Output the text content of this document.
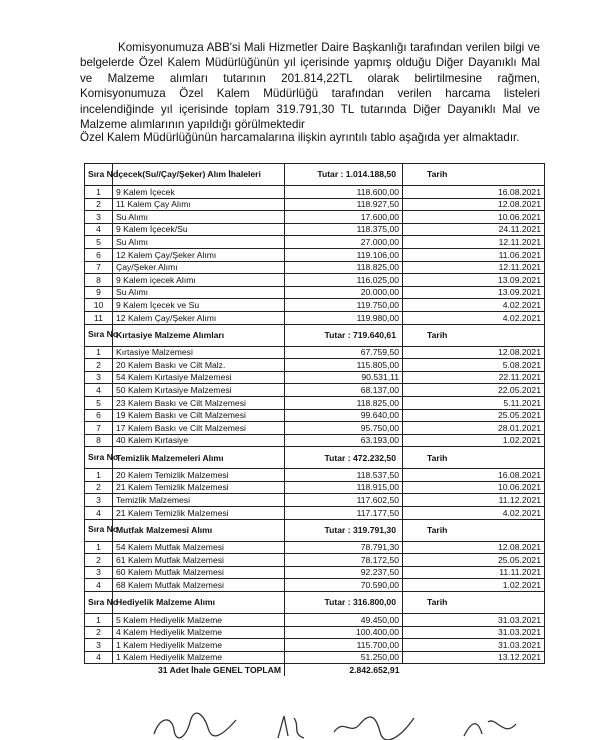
Komisyonumuza ABB'si Mali Hizmetler Daire Başkanlığı tarafından verilen bilgi ve belgelerde Özel Kalem Müdürlüğünün yıl içerisinde yapmış olduğu Diğer Dayanıklı Mal ve Malzeme alımları tutarının 201.814,22TL olarak belirtilmesine rağmen, Komisyonumuza Özel Kalem Müdürlüğü tarafından verilen harcama listeleri incelendiğinde yıl içerisinde toplam 319.791,30 TL tutarında Diğer Dayanıklı Mal ve Malzeme alımlarının yapıldığı görülmektedir
Özel Kalem Müdürlüğünün harcamalarına ilişkin ayrıntılı tablo aşağıda yer almaktadır.
Sıra No	İçecek(Su//Çay/Şeker) Alım İhaleleri	Tutar : 1.014.188,50	Tarih
1	9 Kalem İçecek	118.600,00	16.08.2021
2	11 Kalem Çay Alımı	118.927,50	12.08.2021
3	Su Alımı	17.600,00	10.06.2021
4	9 Kalem İçecek/Su	118.375,00	24.11.2021
5	Su Alımı	27.000,00	12.11.2021
6	12 Kalem Çay/Şeker Alımı	119.106,00	11.06.2021
7	Çay/Şeker Alımı	118.825,00	12.11.2021
8	9 Kalem içecek Alımı	116.025,00	13.09.2021
9	Su Alımı	20.000,00	13.09.2021
10	9 Kalem İçecek ve Su	119.750,00	4.02.2021
11	12 Kalem Çay/Şeker Alımı	119.980,00	4.02.2021
Sıra No	Kırtasiye Malzeme Alımları	Tutar : 719.640,61	Tarih
1	Kırtasiye Malzemesi	67.759,50	12.08.2021
2	20 Kalem Baskı ve Cilt Malz.	115.805,00	5.08.2021
3	54 Kalem Kırtasiye Malzemesi	90.531,11	22.11.2021
4	50 Kalem Kırtasiye Malzemesi	68.137,00	22.05.2021
5	23 Kalem Baskı ve Cilt Malzemesi	118.825,00	5.11.2021
6	19 Kalem Baskı ve Cilt Malzemesi	99.640,00	25.05.2021
7	17 Kalem Baskı ve Cilt Malzemesi	95.750,00	28.01.2021
8	40 Kalem Kırtasiye	63.193,00	1.02.2021
Sıra No	Temizlik Malzemeleri Alımı	Tutar : 472.232,50	Tarih
1	20 Kalem Temizlik Malzemesi	118.537,50	16.08.2021
2	21 Kalem Temizlik Malzemesi	118.915,00	10.06.2021
3	Temizlik Malzemesi	117.602,50	11.12.2021
4	21 Kalem Temizlik Malzemesi	117.177,50	4.02.2021
Sıra No	Mutfak Malzemesi Alımı	Tutar : 319.791,30	Tarih
1	54 Kalem Mutfak Malzemesi	78.791,30	12.08.2021
2	61 Kalem Mutfak Malzemesi	78.172,50	25.05.2021
3	60 Kalem Mutfak Malzemesi	92.237,50	11.11.2021
4	68 Kalem Mutfak Malzemesi	70.590,00	1.02.2021
Sıra No	Hediyelik Malzeme Alımı	Tutar : 316.800,00	Tarih
1	5 Kalem Hediyelik Malzeme	49.450,00	31.03.2021
2	4 Kalem Hediyelik Malzeme	100.400,00	31.03.2021
3	1 Kalem Hediyelik Malzeme	115.700,00	31.03.2021
4	1 Kalem Hediyelik Malzeme	51.250,00	13.12.2021
31 Adet İhale GENEL TOPLAM		2.842.652,91	
